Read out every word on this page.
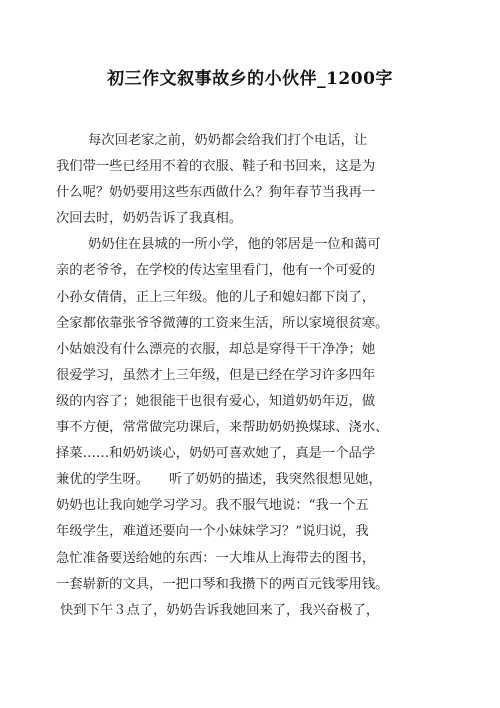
初三作文叙事故乡的小伙伴_1200字
每次回老家之前，奶奶都会给我们打个电话，让
我们带一些已经用不着的衣服、鞋子和书回来，这是为
什么呢？奶奶要用这些东西做什么？狗年春节当我再一
次回去时，奶奶告诉了我真相。
奶奶住在县城的一所小学，他的邻居是一位和蔼可
亲的老爷爷，在学校的传达室里看门，他有一个可爱的
小孙女倩倩，正上三年级。他的儿子和媳妇都下岗了，
全家都依靠张爷爷微薄的工资来生活，所以家境很贫寒。
小姑娘没有什么漂亮的衣服，却总是穿得干干净净；她
很爱学习，虽然才上三年级，但是已经在学习许多四年
级的内容了；她很能干也很有爱心，知道奶奶年迈，做
事不方便，常常做完功课后，来帮助奶奶换煤球、浇水、
择菜……和奶奶谈心，奶奶可喜欢她了，真是一个品学
兼优的学生呀。　　听了奶奶的描述，我突然很想见她，
奶奶也让我向她学习学习。我不服气地说：“我一个五
年级学生，难道还要向一个小妹妹学习？”说归说，我
急忙准备要送给她的东西：一大堆从上海带去的图书，
一套崭新的文具，一把口琴和我攒下的两百元钱零用钱。
快到下午３点了，奶奶告诉我她回来了，我兴奋极了，
